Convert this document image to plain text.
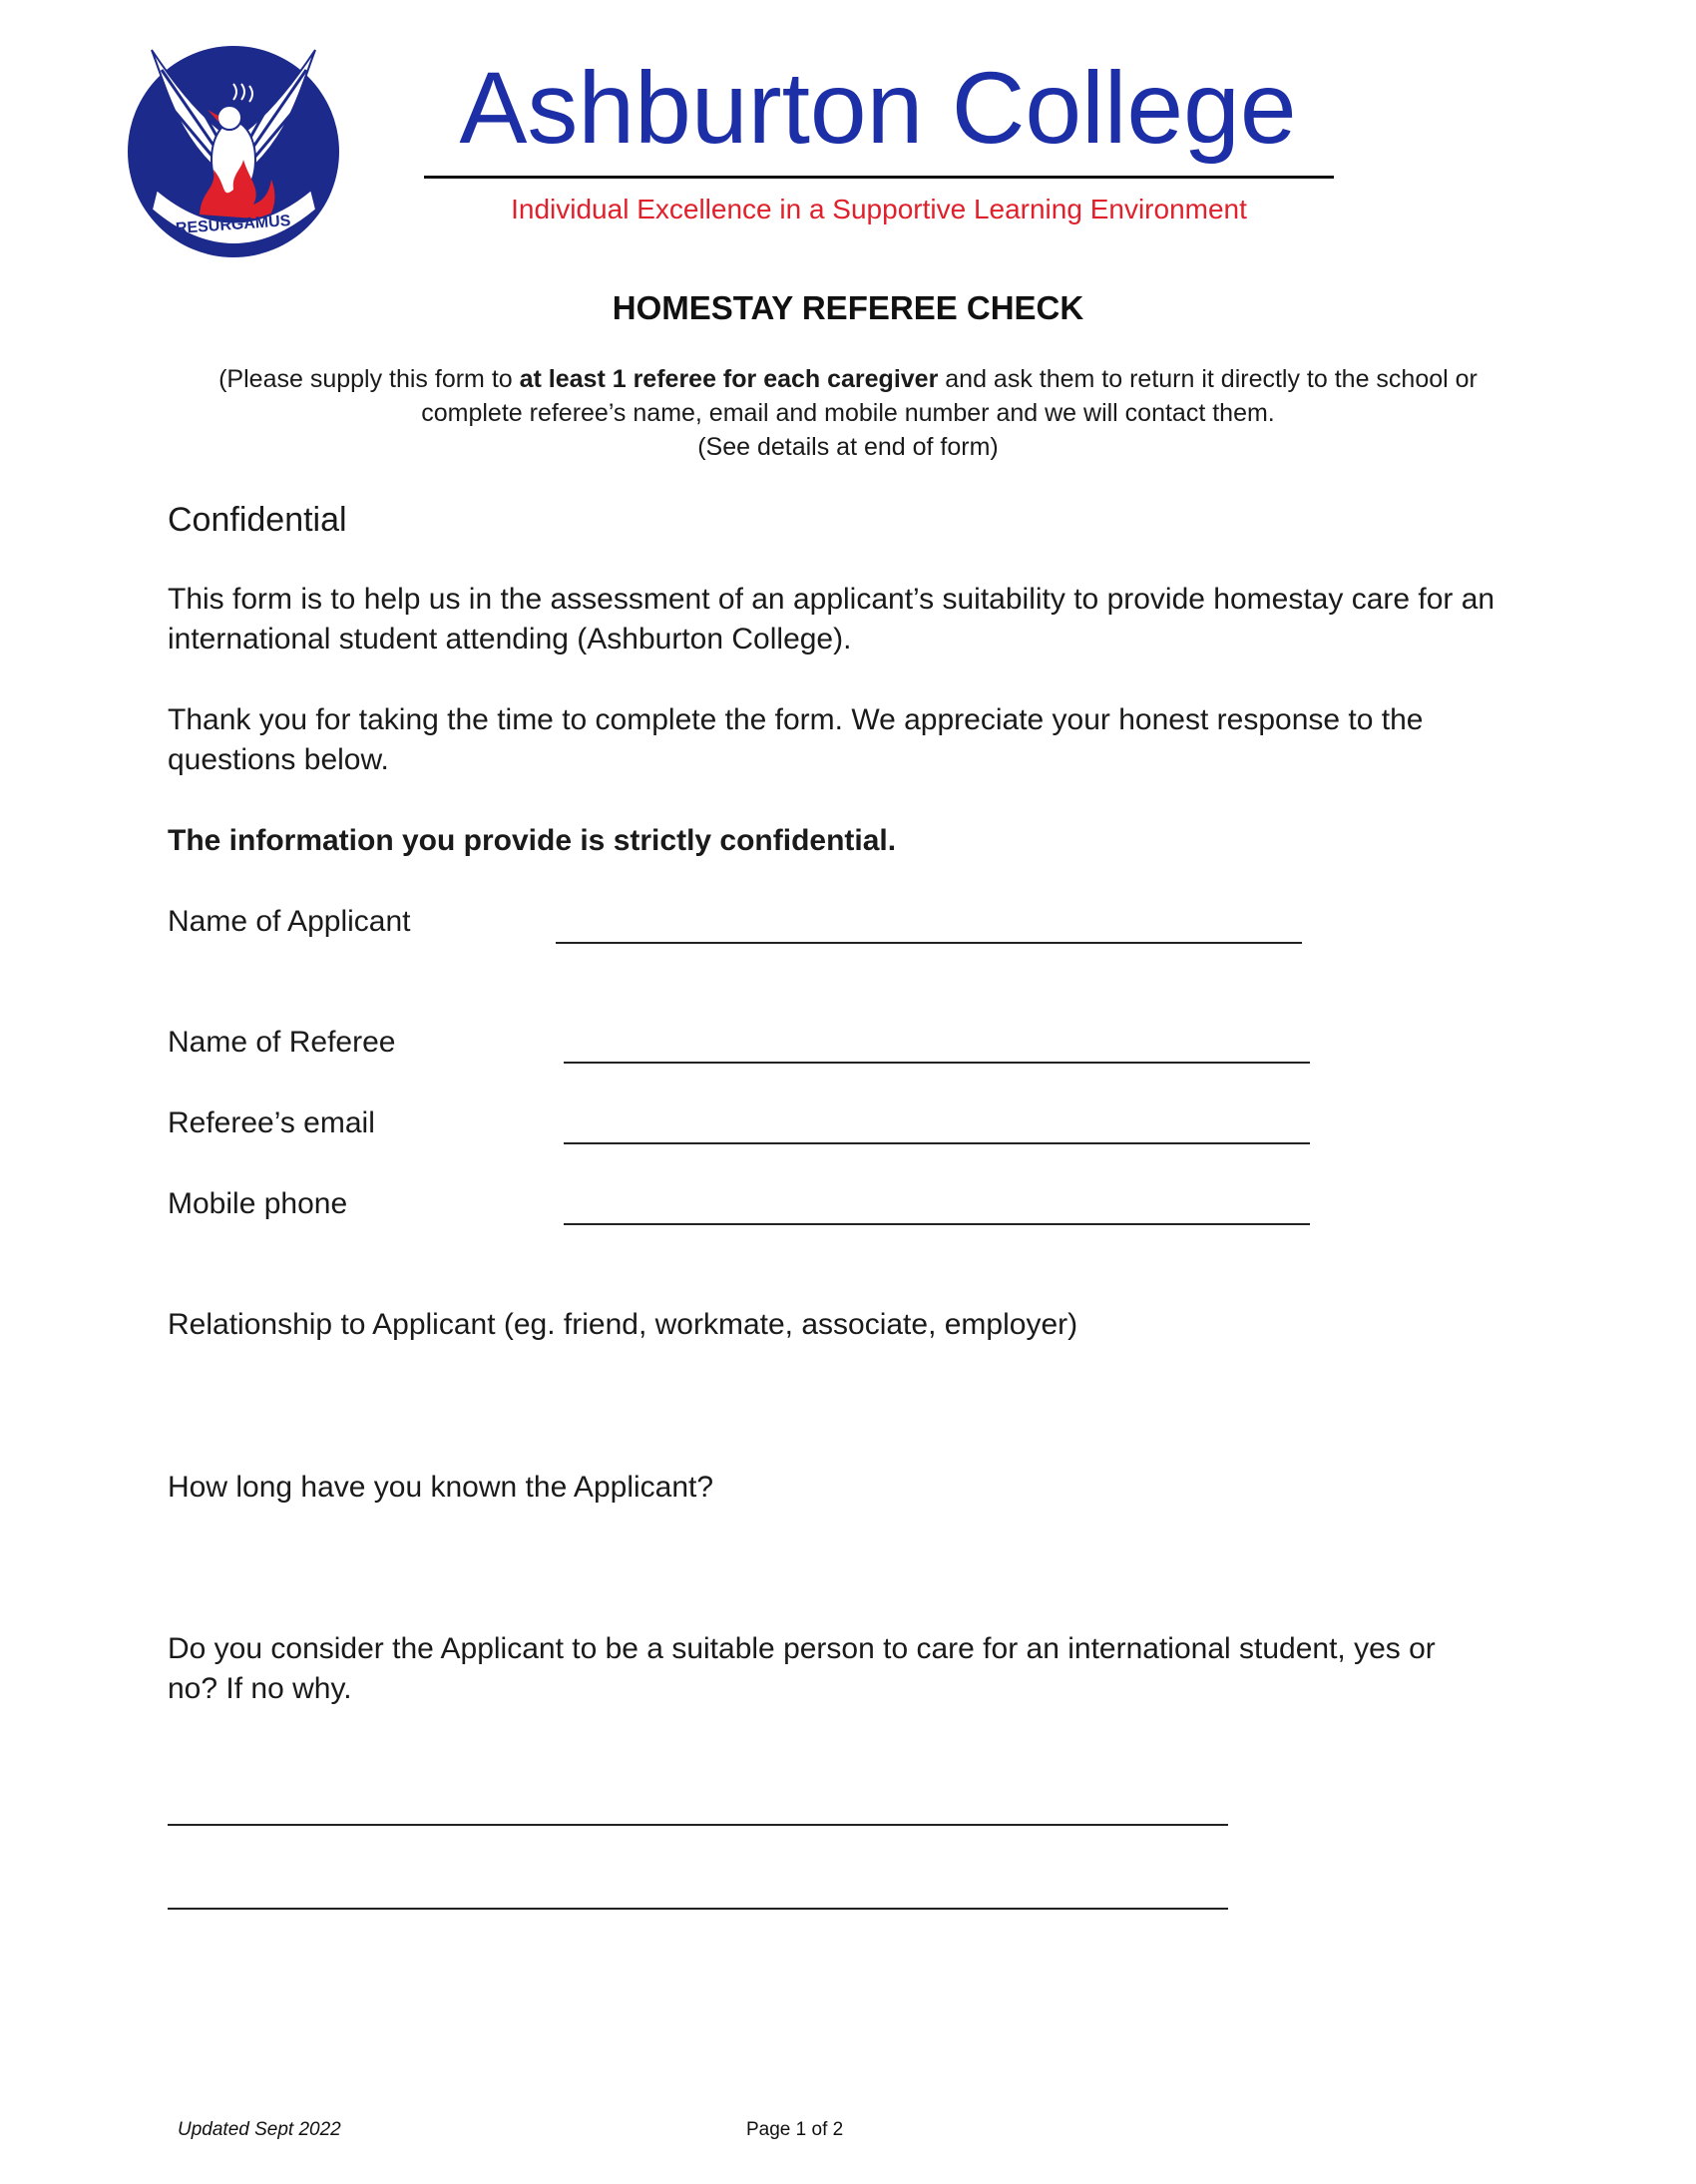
RESURGAMUS
Ashburton College
Individual Excellence in a Supportive Learning Environment
HOMESTAY REFEREE CHECK
(Please supply this form to at least 1 referee for each caregiver and ask them to return it directly to the school or
complete referee’s name, email and mobile number and we will contact them.
(See details at end of form)
Confidential
This form is to help us in the assessment of an applicant’s suitability to provide homestay care for an
international student attending (Ashburton College).
Thank you for taking the time to complete the form. We appreciate your honest response to the
questions below.
The information you provide is strictly confidential.
Name of Applicant
Name of Referee
Referee’s email
Mobile phone
Relationship to Applicant (eg. friend, workmate, associate, employer)
How long have you known the Applicant?
Do you consider the Applicant to be a suitable person to care for an international student, yes or
no? If no why.
Updated Sept 2022	Page 1 of 2
